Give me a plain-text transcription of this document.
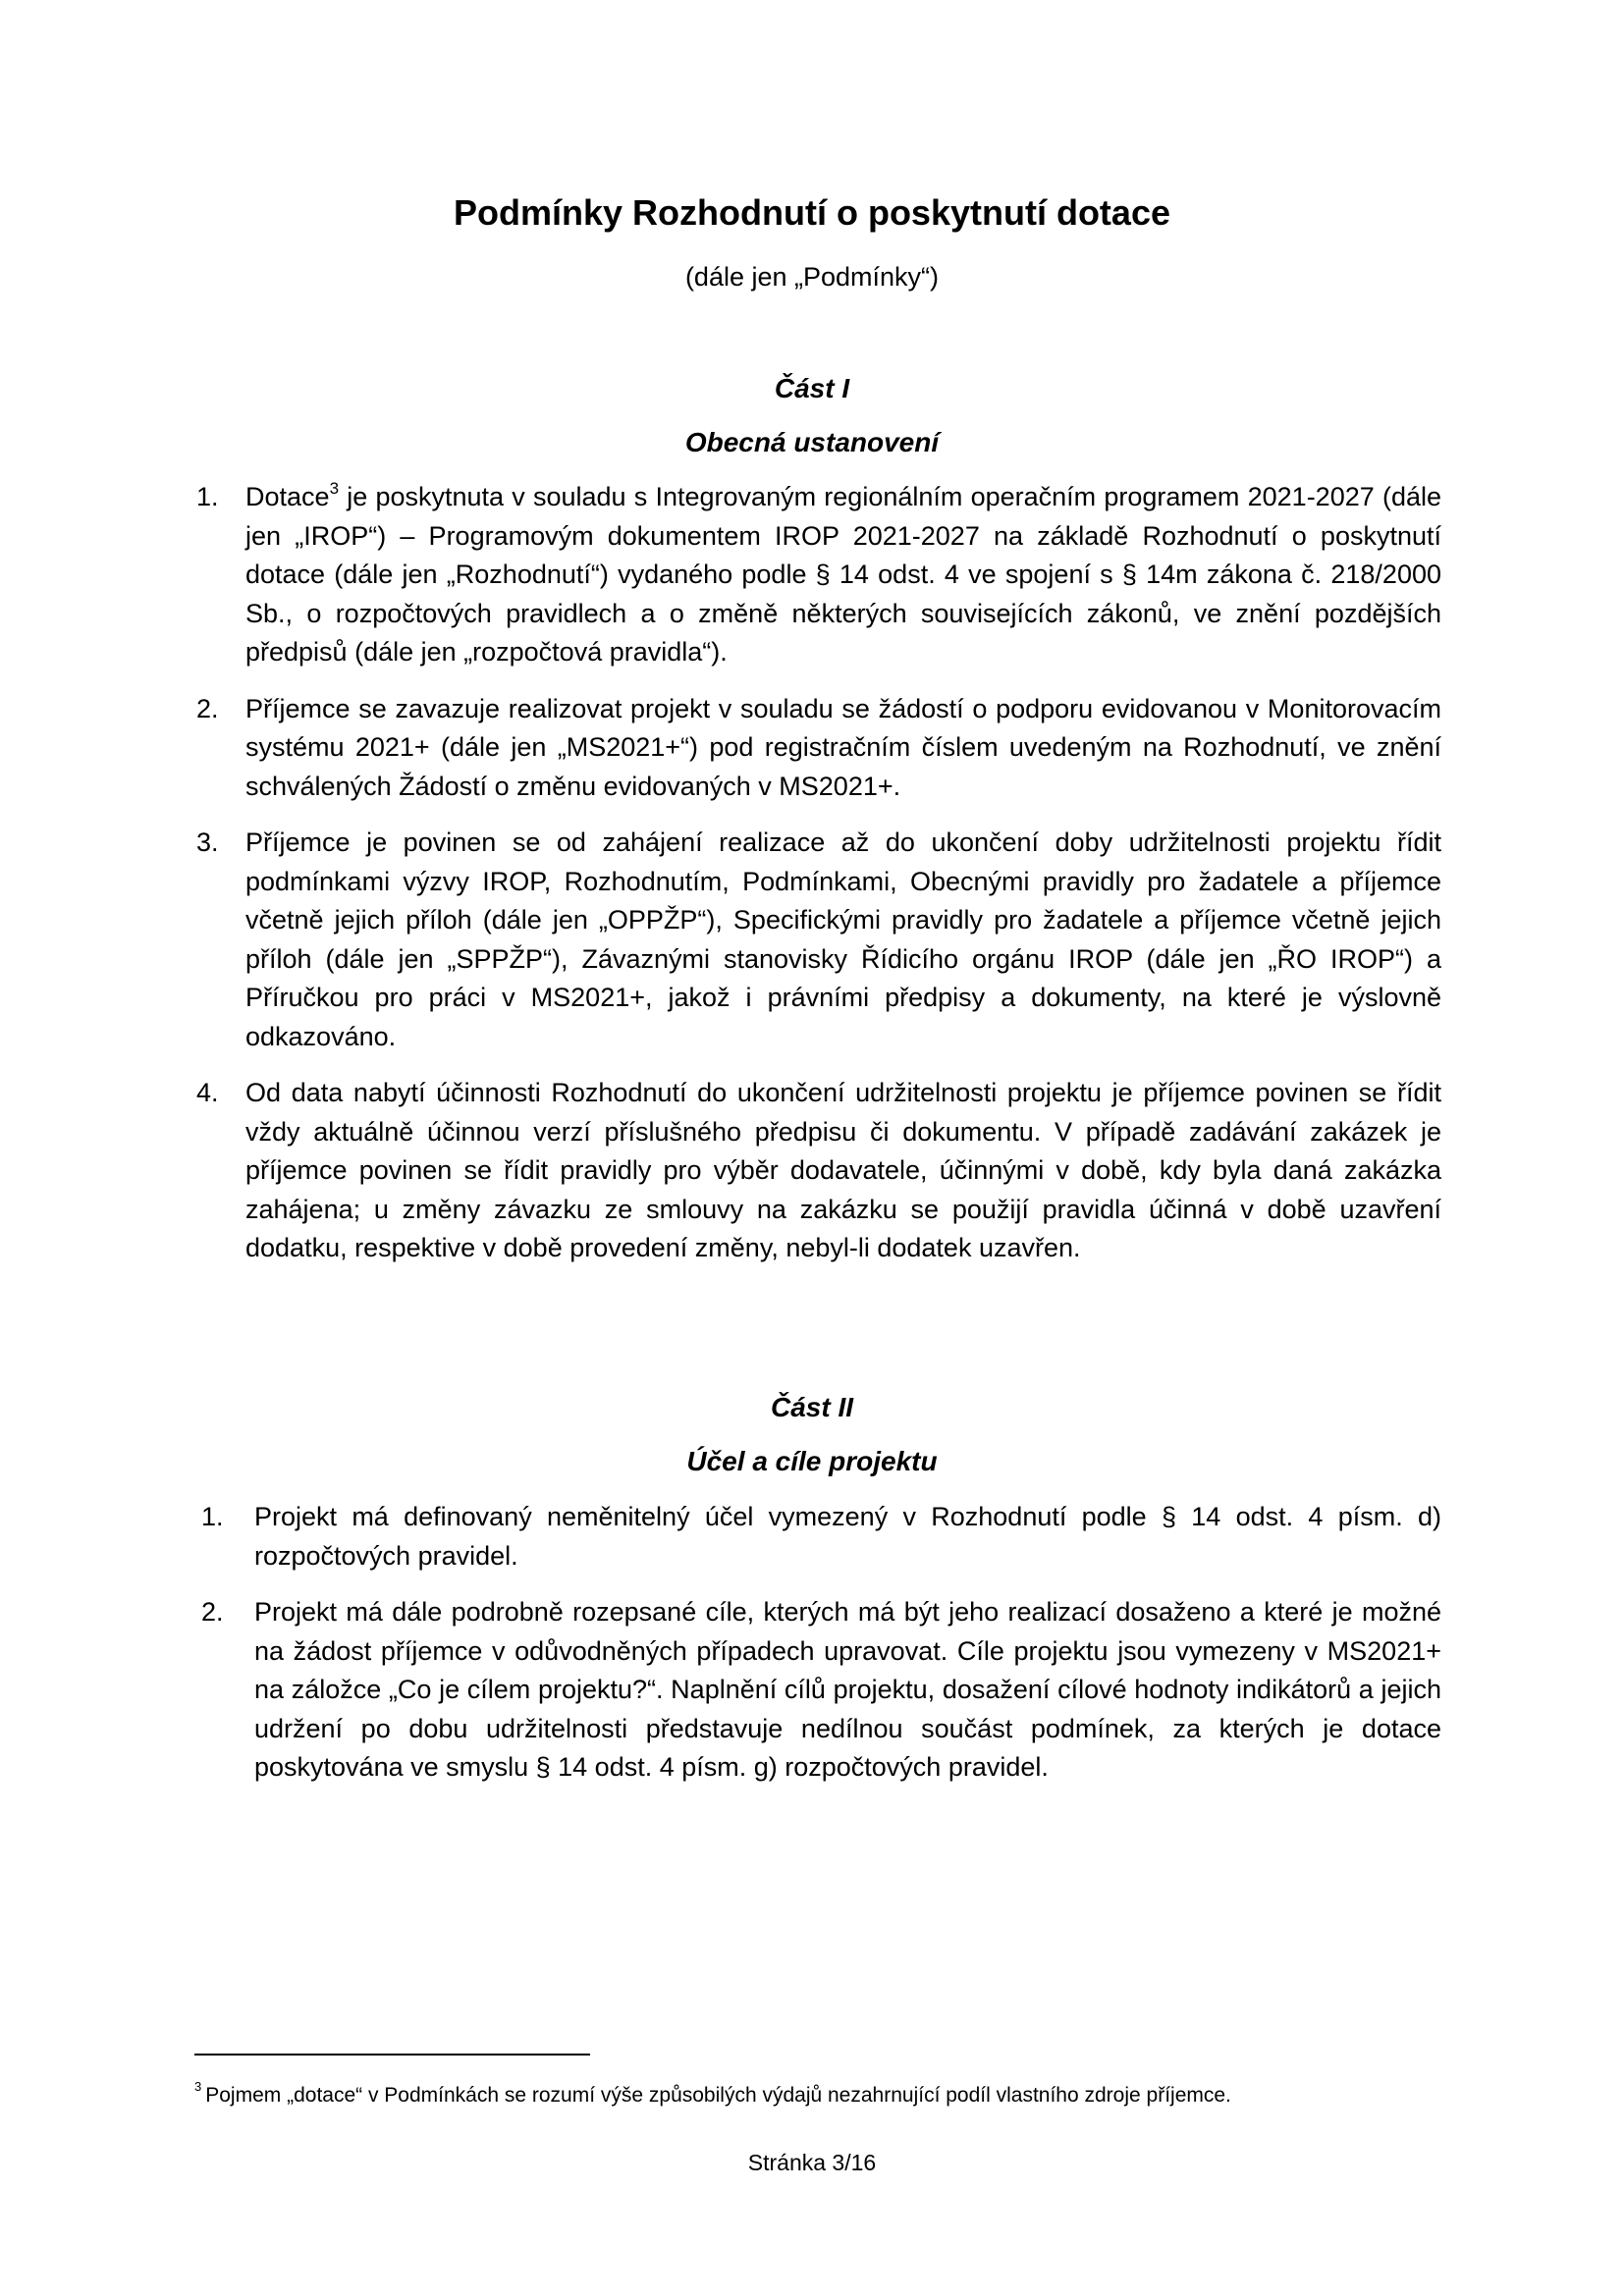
Podmínky Rozhodnutí o poskytnutí dotace
(dále jen „Podmínky“)

Část I

Obecná ustanovení

1. Dotace$^3$ je poskytnuta v souladu s Integrovaným regionálním operačním programem 2021-2027 (dále jen „IROP“) – Programovým dokumentem IROP 2021-2027 na základě Rozhodnutí o poskytnutí dotace (dále jen „Rozhodnutí“) vydaného podle § 14 odst. 4 ve spojení s § 14m zákona č. 218/2000 Sb., o rozpočtových pravidlech a o změně některých souvisejících zákonů, ve znění pozdějších předpisů (dále jen „rozpočtová pravidla“).
2. Příjemce se zavazuje realizovat projekt v souladu se žádostí o podporu evidovanou v Monitorovacím systému 2021+ (dále jen „MS2021+“) pod registračním číslem uvedeným na Rozhodnutí, ve znění schválených Žádostí o změnu evidovaných v MS2021+.
3. Příjemce je povinen se od zahájení realizace až do ukončení doby udržitelnosti projektu řídit podmínkami výzvy IROP, Rozhodnutím, Podmínkami, Obecnými pravidly pro žadatele a příjemce včetně jejich příloh (dále jen „OPPŽP“), Specifickými pravidly pro žadatele a příjemce včetně jejich příloh (dále jen „SPPŽP“), Závaznými stanovisky Řídicího orgánu IROP (dále jen „ŘO IROP“) a Příručkou pro práci v MS2021+, jakož i právními předpisy a dokumenty, na které je výslovně odkazováno.
4. Od data nabytí účinnosti Rozhodnutí do ukončení udržitelnosti projektu je příjemce povinen se řídit vždy aktuálně účinnou verzí příslušného předpisu či dokumentu. V případě zadávání zakázek je příjemce povinen se řídit pravidly pro výběr dodavatele, účinnými v době, kdy byla daná zakázka zahájena; u změny závazku ze smlouvy na zakázku se použijí pravidla účinná v době uzavření dodatku, respektive v době provedení změny, nebyl-li dodatek uzavřen.

Část II

Účel a cíle projektu

1. Projekt má definovaný neměnitelný účel vymezený v Rozhodnutí podle § 14 odst. 4 písm. d) rozpočtových pravidel.
2. Projekt má dále podrobně rozepsané cíle, kterých má být jeho realizací dosaženo a které je možné na žádost příjemce v odůvodněných případech upravovat. Cíle projektu jsou vymezeny v MS2021+ na záložce „Co je cílem projektu?“. Naplnění cílů projektu, dosažení cílové hodnoty indikátorů a jejich udržení po dobu udržitelnosti představuje nedílnou součást podmínek, za kterých je dotace poskytována ve smyslu § 14 odst. 4 písm. g) rozpočtových pravidel.
$^3$ Pojmem „dotace“ v Podmínkách se rozumí výše způsobilých výdajů nezahrnující podíl vlastního zdroje příjemce.
Stránka 3/16
